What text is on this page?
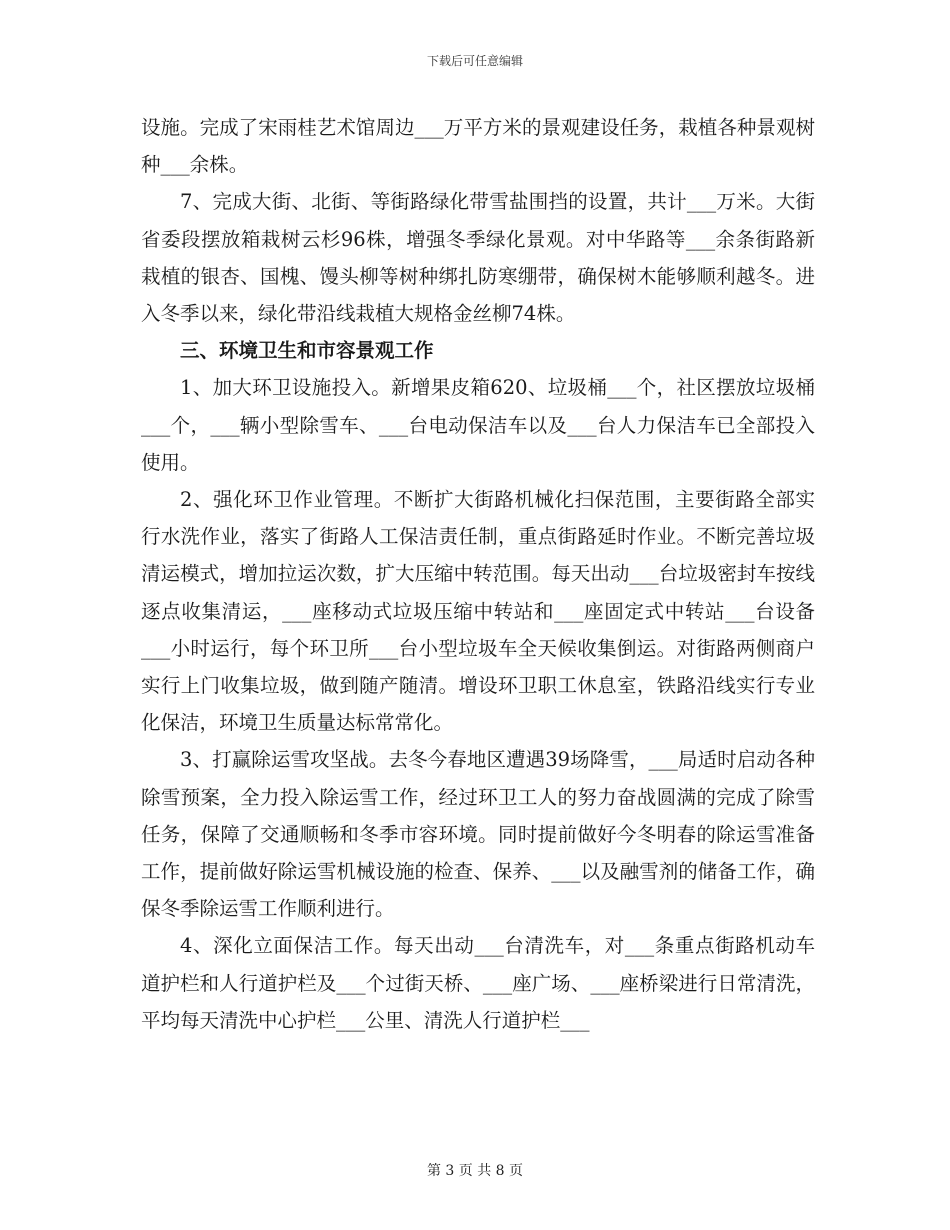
下载后可任意编辑

设施。完成了宋雨桂艺术馆周边___万平方米的景观建设任务，栽植各种景观树种___余株。

7、完成大街、北街、等街路绿化带雪盐围挡的设置，共计___万米。大街省委段摆放箱栽树云杉96株，增强冬季绿化景观。对中华路等___余条街路新栽植的银杏、国槐、馒头柳等树种绑扎防寒绷带，确保树木能够顺利越冬。进入冬季以来，绿化带沿线栽植大规格金丝柳74株。

三、环境卫生和市容景观工作

1、加大环卫设施投入。新增果皮箱620、垃圾桶___个，社区摆放垃圾桶___个，___辆小型除雪车、___台电动保洁车以及___台人力保洁车已全部投入使用。

2、强化环卫作业管理。不断扩大街路机械化扫保范围，主要街路全部实行水洗作业，落实了街路人工保洁责任制，重点街路延时作业。不断完善垃圾清运模式，增加拉运次数，扩大压缩中转范围。每天出动___台垃圾密封车按线逐点收集清运，___座移动式垃圾压缩中转站和___座固定式中转站___台设备___小时运行，每个环卫所___台小型垃圾车全天候收集倒运。对街路两侧商户实行上门收集垃圾，做到随产随清。增设环卫职工休息室，铁路沿线实行专业化保洁，环境卫生质量达标常常化。

3、打赢除运雪攻坚战。去冬今春地区遭遇39场降雪，___局适时启动各种除雪预案，全力投入除运雪工作，经过环卫工人的努力奋战圆满的完成了除雪任务，保障了交通顺畅和冬季市容环境。同时提前做好今冬明春的除运雪准备工作，提前做好除运雪机械设施的检查、保养、___以及融雪剂的储备工作，确保冬季除运雪工作顺利进行。

4、深化立面保洁工作。每天出动___台清洗车，对___条重点街路机动车道护栏和人行道护栏及___个过街天桥、___座广场、___座桥梁进行日常清洗，平均每天清洗中心护栏___公里、清洗人行道护栏___

第 3 页 共 8 页
